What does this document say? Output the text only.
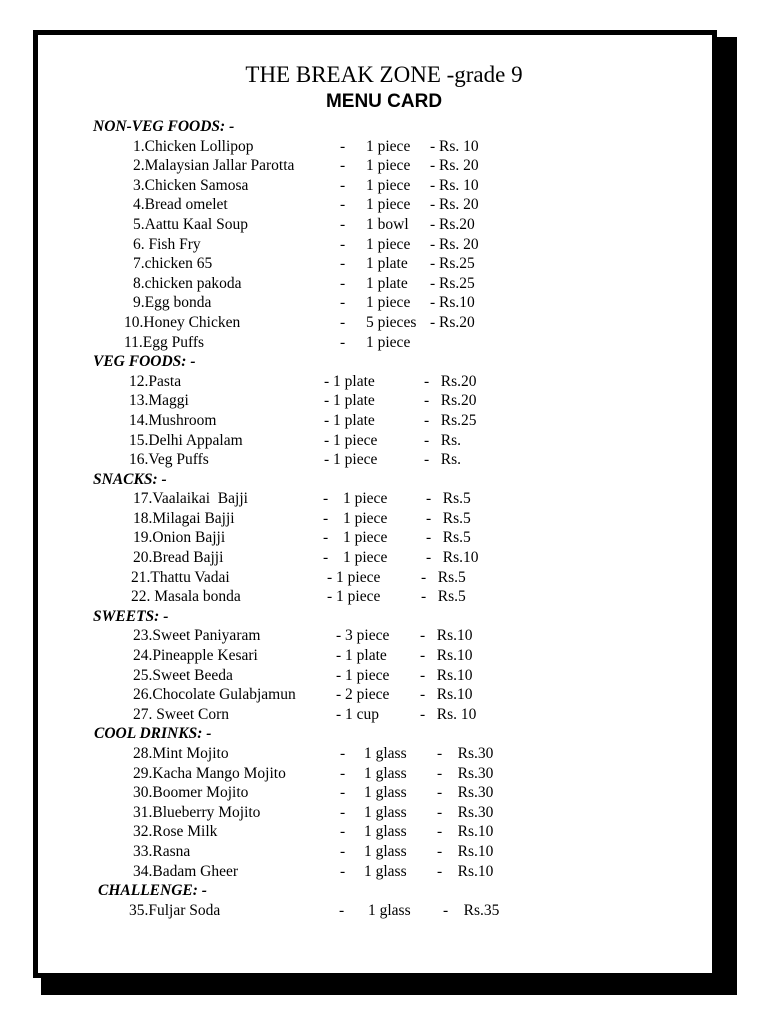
THE BREAK ZONE -grade 9
MENU CARD
NON-VEG FOODS: -
1.Chicken Lollipop	- 1 piece - Rs. 10
2.Malaysian Jallar Parotta	- 1 piece - Rs. 20
3.Chicken Samosa	- 1 piece - Rs. 10
4.Bread omelet	- 1 piece - Rs. 20
5.Aattu Kaal Soup	- 1 bowl - Rs.20
6. Fish Fry	- 1 piece - Rs. 20
7.chicken 65	- 1 plate - Rs.25
8.chicken pakoda	- 1 plate - Rs.25
9.Egg bonda	- 1 piece - Rs.10
10.Honey Chicken	- 5 pieces - Rs.20
11.Egg Puffs	- 1 piece
VEG FOODS: -
12.Pasta	- 1 plate	-   Rs.20
13.Maggi	- 1 plate	-   Rs.20
14.Mushroom	- 1 plate	-   Rs.25
15.Delhi Appalam	- 1 piece	-   Rs.
16.Veg Puffs	- 1 piece	-   Rs.
SNACKS: -
17.Vaalaikai  Bajji	- 1 piece -   Rs.5
18.Milagai Bajji	- 1 piece -   Rs.5
19.Onion Bajji	- 1 piece -   Rs.5
20.Bread Bajji	- 1 piece -   Rs.10
21.Thattu Vadai	- 1 piece	-   Rs.5
22. Masala bonda	- 1 piece	-   Rs.5
SWEETS: -
23.Sweet Paniyaram	- 3 piece -   Rs.10
24.Pineapple Kesari	- 1 plate -   Rs.10
25.Sweet Beeda	- 1 piece -   Rs.10
26.Chocolate Gulabjamun	- 2 piece -   Rs.10
27. Sweet Corn	- 1 cup	-   Rs. 10
COOL DRINKS: -
28.Mint Mojito	- 1 glass -    Rs.30
29.Kacha Mango Mojito	- 1 glass -    Rs.30
30.Boomer Mojito	- 1 glass -    Rs.30
31.Blueberry Mojito	- 1 glass -    Rs.30
32.Rose Milk	- 1 glass -    Rs.10
33.Rasna	- 1 glass -    Rs.10
34.Badam Gheer	- 1 glass -    Rs.10
CHALLENGE: -
35.Fuljar Soda	- 1 glass -    Rs.35
